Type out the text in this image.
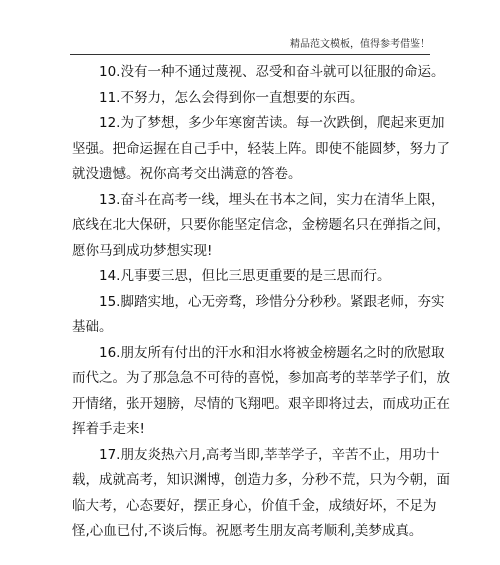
精品范文模板，值得参考借鉴！

10.没有一种不通过蔑视、忍受和奋斗就可以征服的命运。

11.不努力，怎么会得到你一直想要的东西。

12.为了梦想，多少年寒窗苦读。每一次跌倒，爬起来更加坚强。把命运握在自己手中，轻装上阵。即使不能圆梦，努力了就没遗憾。祝你高考交出满意的答卷。

13.奋斗在高考一线，埋头在书本之间，实力在清华上限，底线在北大保研，只要你能坚定信念，金榜题名只在弹指之间，愿你马到成功梦想实现!

14.凡事要三思，但比三思更重要的是三思而行。

15.脚踏实地，心无旁骛，珍惜分分秒秒。紧跟老师，夯实基础。

16.朋友所有付出的汗水和泪水将被金榜题名之时的欣慰取而代之。为了那急急不可待的喜悦，参加高考的莘莘学子们，放开情绪，张开翅膀，尽情的飞翔吧。艰辛即将过去，而成功正在挥着手走来!

17.朋友炎热六月,高考当即,莘莘学子，辛苦不止，用功十载，成就高考，知识渊博，创造力多，分秒不荒，只为今朝，面临大考，心态要好，摆正身心，价值千金，成绩好坏，不足为怪,心血已付,不谈后悔。祝愿考生朋友高考顺利,美梦成真。
